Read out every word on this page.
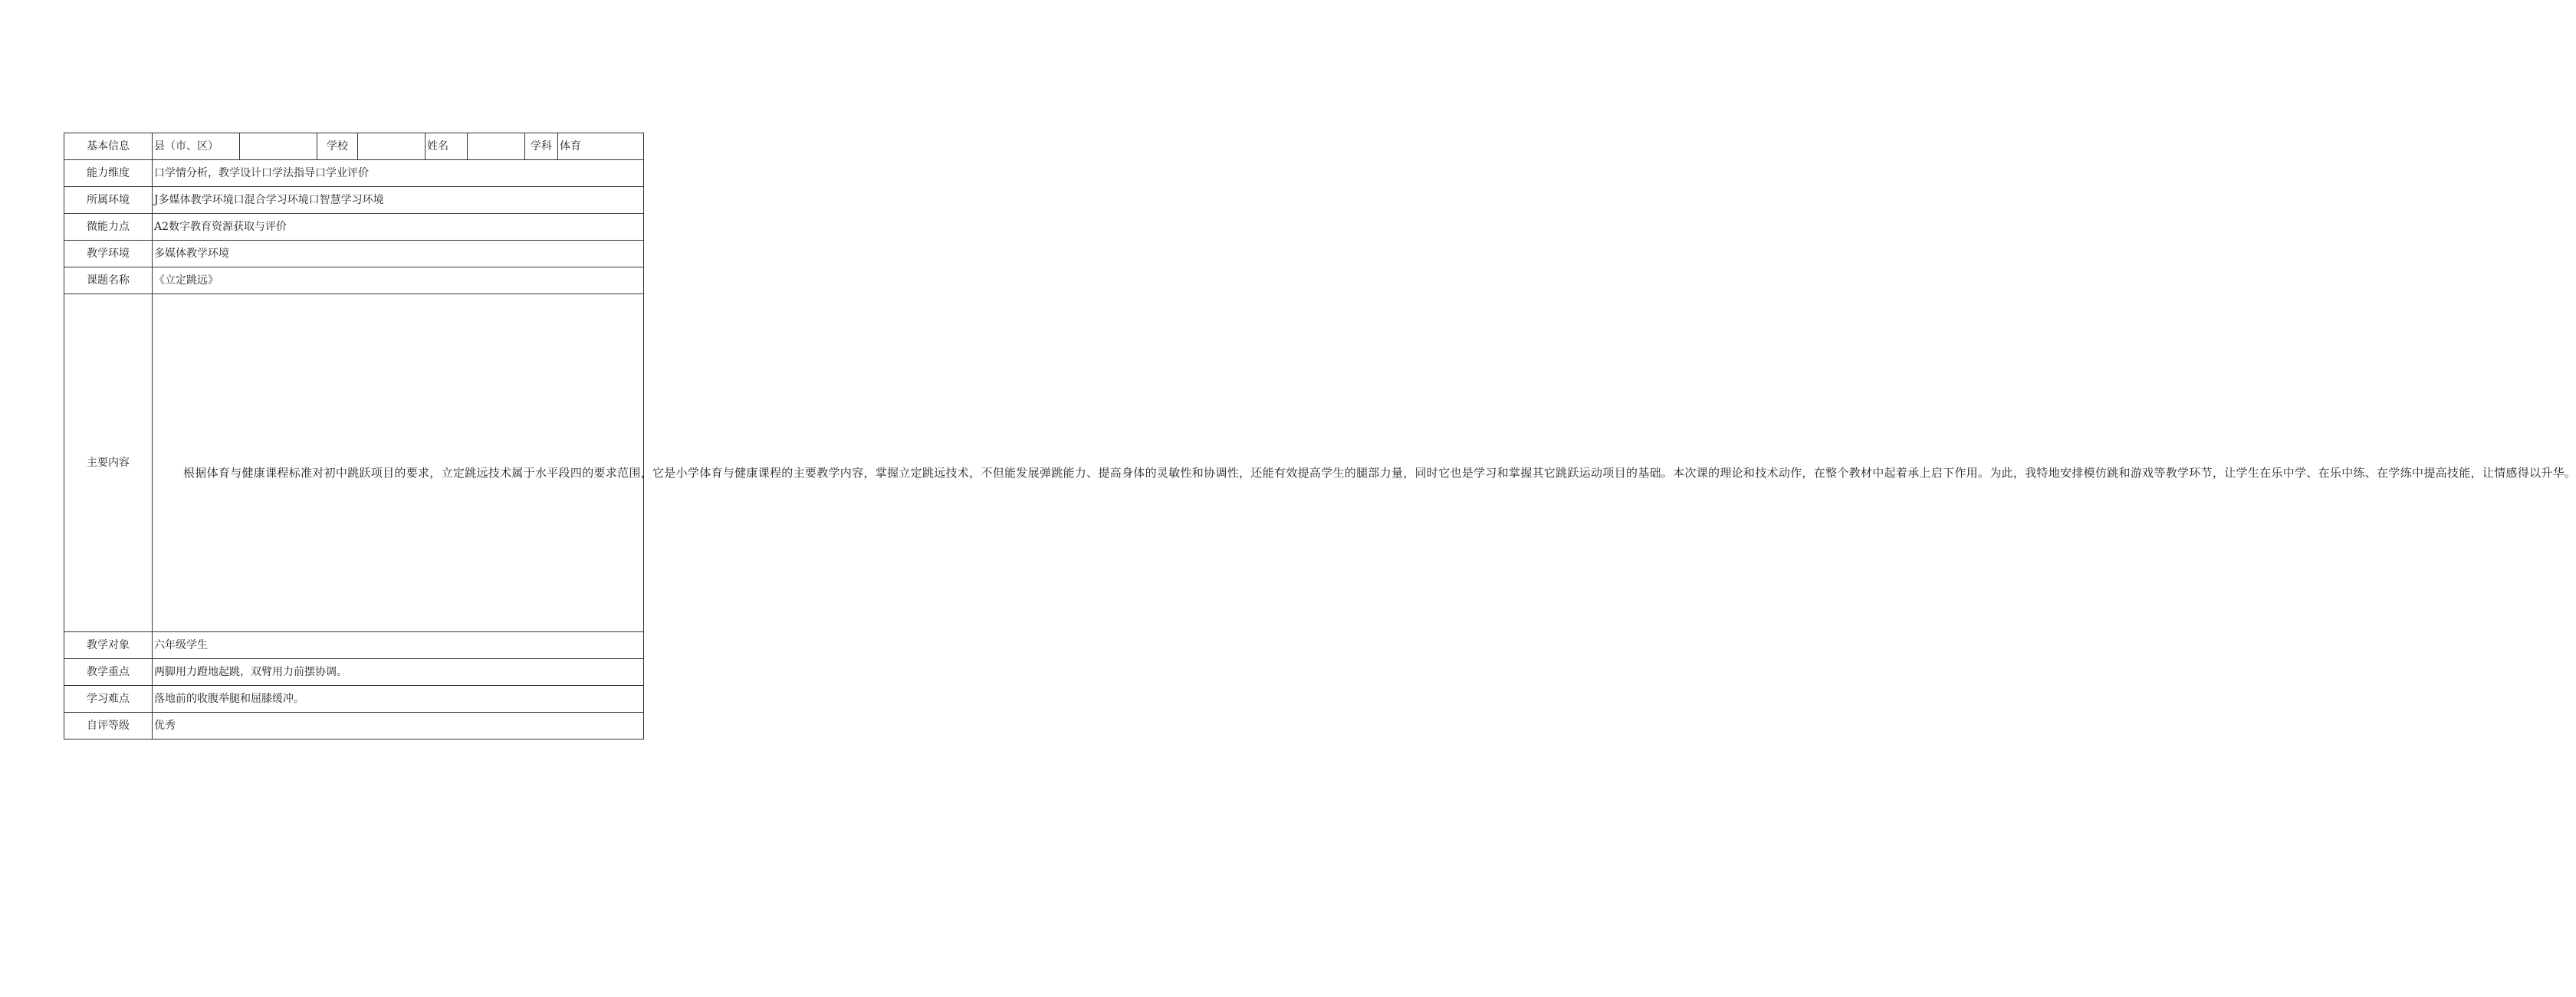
基本信息	县（市、区）		学校		姓名		学科	体育
能力维度	口学情分析，教学设计口学法指导口学业评价							
所属环境	J多媒体教学环境口混合学习环境口智慧学习环境							
微能力点	A2数字教育资源获取与评价							
教学环境	多媒体教学环境							
课题名称	《立定跳远》							
主要内容	根据体育与健康课程标准对初中跳跃项目的要求，立定跳远技术属于水平段四的要求范围，它是小学体育与健康课程的主要教学内容，掌握立定跳远技术，不但能发展弹跳能力、提高身体的灵敏性和协调性，还能有效提高学生的腿部力量，同时它也是学习和掌握其它跳跃运动项目的基础。本次课的理论和技术动作，在整个教材中起着承上启下作用。为此，我特地安排模仿跳和游戏等教学环节，让学生在乐中学、在乐中练、在学练中提高技能，让情感得以升华。							

教学对象	六年级学生							
教学重点	两脚用力蹬地起跳，双臂用力前摆协调。							
学习难点	落地前的收腹举腿和屈膝缓冲。							
自评等级	优秀							
